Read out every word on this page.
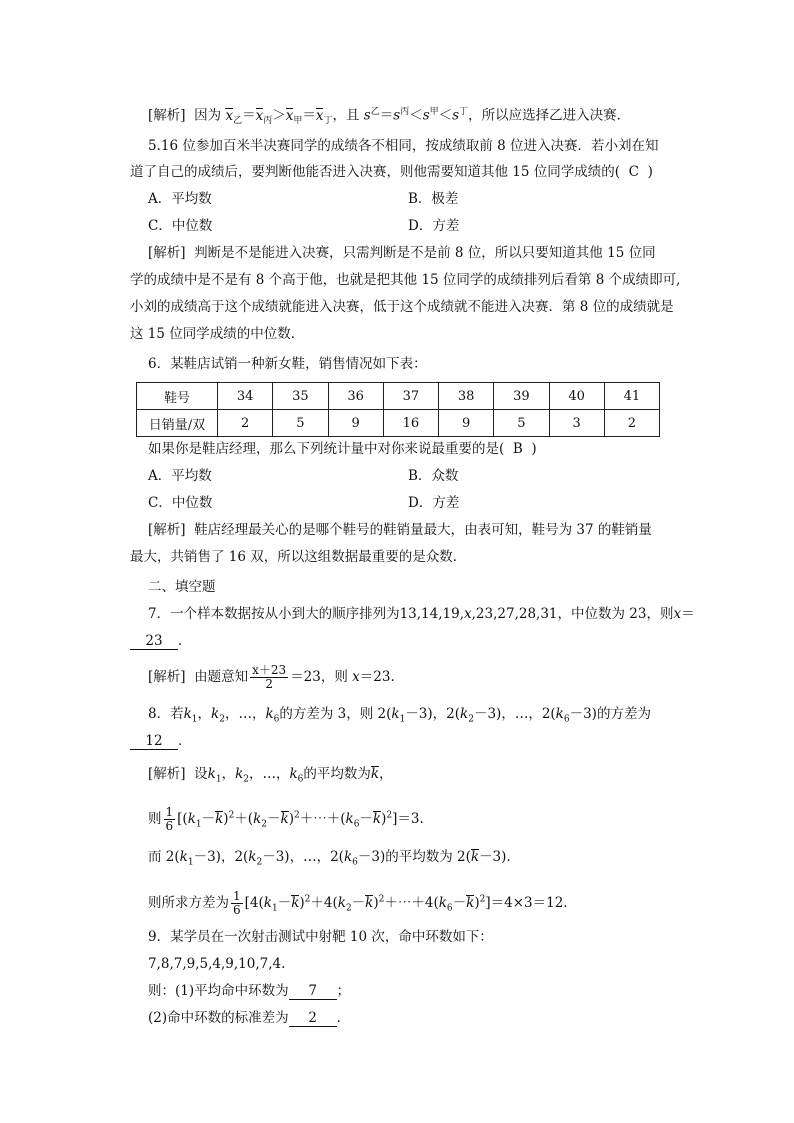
[解析] 因为 $x_乙=x_丙>x_甲=x_丁$，且 $s^乙=s^丙<s^甲<s^丁$，所以应选择乙进入决赛．
5.16 位参加百米半决赛同学的成绩各不相同，按成绩取前 8 位进入决赛．若小刘在知
道了自己的成绩后，要判断他能否进入决赛，则他需要知道其他 15 位同学成绩的( C )
A．平均数	B．极差
C．中位数	D．方差
[解析] 判断是不是能进入决赛，只需判断是不是前 8 位，所以只要知道其他 15 位同
学的成绩中是不是有 8 个高于他，也就是把其他 15 位同学的成绩排列后看第 8 个成绩即可,
小刘的成绩高于这个成绩就能进入决赛，低于这个成绩就不能进入决赛．第 8 位的成绩就是
这 15 位同学成绩的中位数．
6．某鞋店试销一种新女鞋，销售情况如下表：
鞋号	34	35	36	37	38	39	40	41
日销量/双	2	5	9	16	9	5	3	2
如果你是鞋店经理，那么下列统计量中对你来说最重要的是( B )
A．平均数	B．众数
C．中位数	D．方差
[解析] 鞋店经理最关心的是哪个鞋号的鞋销量最大，由表可知，鞋号为 37 的鞋销量
最大，共销售了 16 双，所以这组数据最重要的是众数．
二、填空题
7．一个样本数据按从小到大的顺序排列为13,14,19,x,23,27,28,31，中位数为 23，则x＝
23 ．
[解析] 由题意知 $\frac{x+23}{2} =23$，则 x＝23.
8．若$k_1$，$k_2$，…，$k_6$的方差为 3，则 $2(k_1-3)$，$2(k_2-3)$，…，$2(k_6-3)$的方差为
12 ．
[解析] 设$k_1$，$k_2$，…，$k_6$的平均数为k，
则 $\frac{1}{6}$ $[(k_1-k)^2+(k_2-k)^2+\cdots+(k_6-k)^2]=3$.
而 $2(k_1-3)$，$2(k_2-3)$，…，$2(k_6-3)$的平均数为 2(k－3).
则所求方差为 $\frac{1}{6}$ $[4(k_1-k)^2+4(k_2-k)^2+\cdots+4(k_6-k)^2]=4\times 3=12$.
9．某学员在一次射击测试中射靶 10 次，命中环数如下：
7,8,7,9,5,4,9,10,7,4.
则：(1)平均命中环数为 7 ；
(2)命中环数的标准差为 2 ．
